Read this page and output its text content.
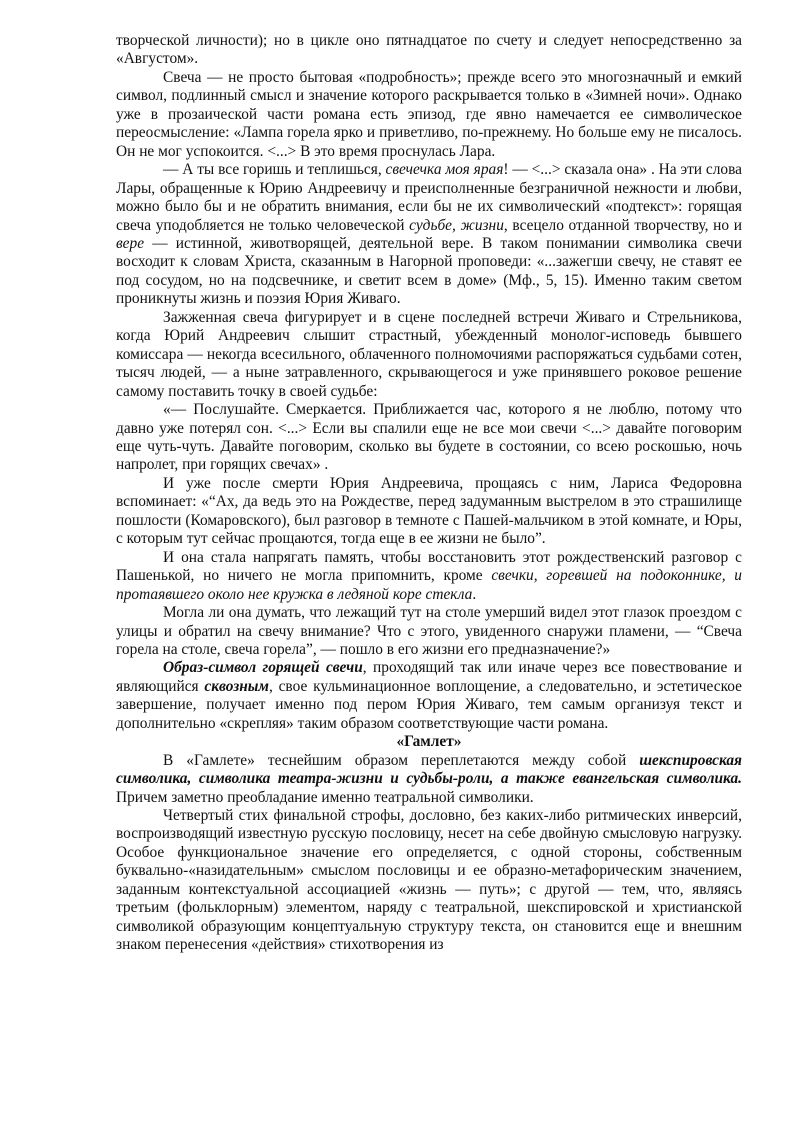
творческой личности); но в цикле оно пятнадцатое по счету и следует непосредственно за «Августом».

Свеча — не просто бытовая «подробность»; прежде всего это многозначный и емкий символ, подлинный смысл и значение которого раскрывается только в «Зимней ночи». Однако уже в прозаической части романа есть эпизод, где явно намечается ее символическое переосмысление: «Лампа горела ярко и приветливо, по-прежнему. Но больше ему не писалось. Он не мог успокоится. <...> В это время проснулась Лара.

— А ты все горишь и теплишься, свечечка моя ярая! — <...> сказала она» . На эти слова Лары, обращенные к Юрию Андреевичу и преисполненные безграничной нежности и любви, можно было бы и не обратить внимания, если бы не их символический «подтекст»: горящая свеча уподобляется не только человеческой судьбе, жизни, всецело отданной творчеству, но и вере — истинной, животворящей, деятельной вере. В таком понимании символика свечи восходит к словам Христа, сказанным в Нагорной проповеди: «...зажегши свечу, не ставят ее под сосудом, но на подсвечнике, и светит всем в доме» (Мф., 5, 15). Именно таким светом проникнуты жизнь и поэзия Юрия Живаго.

Зажженная свеча фигурирует и в сцене последней встречи Живаго и Стрельникова, когда Юрий Андреевич слышит страстный, убежденный монолог-исповедь бывшего комиссара — некогда всесильного, облаченного полномочиями распоряжаться судьбами сотен, тысяч людей, — а ныне затравленного, скрывающегося и уже принявшего роковое решение самому поставить точку в своей судьбе:

«— Послушайте. Смеркается. Приближается час, которого я не люблю, потому что давно уже потерял сон. <...> Если вы спалили еще не все мои свечи <...> давайте поговорим еще чуть-чуть. Давайте поговорим, сколько вы будете в состоянии, со всею роскошью, ночь напролет, при горящих свечах» .

И уже после смерти Юрия Андреевича, прощаясь с ним, Лариса Федоровна вспоминает: «“Ах, да ведь это на Рождестве, перед задуманным выстрелом в это страшилище пошлости (Комаровского), был разговор в темноте с Пашей-мальчиком в этой комнате, и Юры, с которым тут сейчас прощаются, тогда еще в ее жизни не было”.

И она стала напрягать память, чтобы восстановить этот рождественский разговор с Пашенькой, но ничего не могла припомнить, кроме свечки, горевшей на подоконнике, и протаявшего около нее кружка в ледяной коре стекла.

Могла ли она думать, что лежащий тут на столе умерший видел этот глазок проездом с улицы и обратил на свечу внимание? Что с этого, увиденного снаружи пламени, — “Свеча горела на столе, свеча горела”, — пошло в его жизни его предназначение?»

Образ-символ горящей свечи, проходящий так или иначе через все повествование и являющийся сквозным, свое кульминационное воплощение, а следовательно, и эстетическое завершение, получает именно под пером Юрия Живаго, тем самым организуя текст и дополнительно «скрепляя» таким образом соответствующие части романа.

«Гамлет»

В «Гамлете» теснейшим образом переплетаются между собой шекспировская символика, символика театра-жизни и судьбы-роли, а также евангельская символика. Причем заметно преобладание именно театральной символики.

Четвертый стих финальной строфы, дословно, без каких-либо ритмических инверсий, воспроизводящий известную русскую пословицу, несет на себе двойную смысловую нагрузку. Особое функциональное значение его определяется, с одной стороны, собственным буквально-«назидательным» смыслом пословицы и ее образно-метафорическим значением, заданным контекстуальной ассоциацией «жизнь — путь»; с другой — тем, что, являясь третьим (фольклорным) элементом, наряду с театральной, шекспировской и христианской символикой образующим концептуальную структуру текста, он становится еще и внешним знаком перенесения «действия» стихотворения из
